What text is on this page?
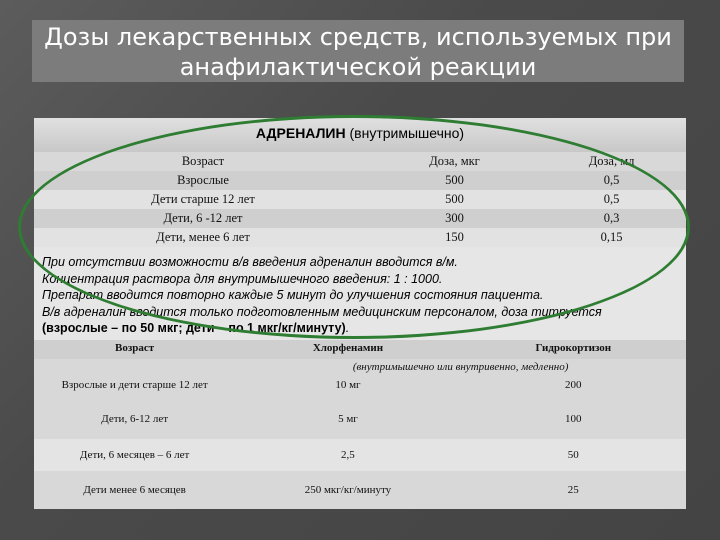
Дозы лекарственных средств, используемых при
анафилактической реакции
АДРЕНАЛИН (внутримышечно)
Возраст	Доза, мкг	Доза, мл
Взрослые	500	0,5
Дети старше 12 лет	500	0,5
Дети, 6 -12 лет	300	0,3
Дети, менее 6 лет	150	0,15
При отсутствии возможности в/в введения адреналин вводится в/м.
Концентрация раствора для внутримышечного введения: 1 : 1000.
Препарат вводится повторно каждые 5 минут до улучшения состояния пациента.
В/в адреналин вводится только подготовленным медицинским персоналом, доза титруется
(взрослые – по 50 мкг; дети – по 1 мкг/кг/минуту).
Возраст	Хлорфенамин	Гидрокортизон
	(внутримышечно или внутривенно, медленно)	
Взрослые и дети старше 12 лет	10 мг	200
Дети, 6-12 лет	5 мг	100
Дети, 6 месяцев – 6 лет	2,5	50
Дети менее 6 месяцев	250 мкг/кг/минуту	25
